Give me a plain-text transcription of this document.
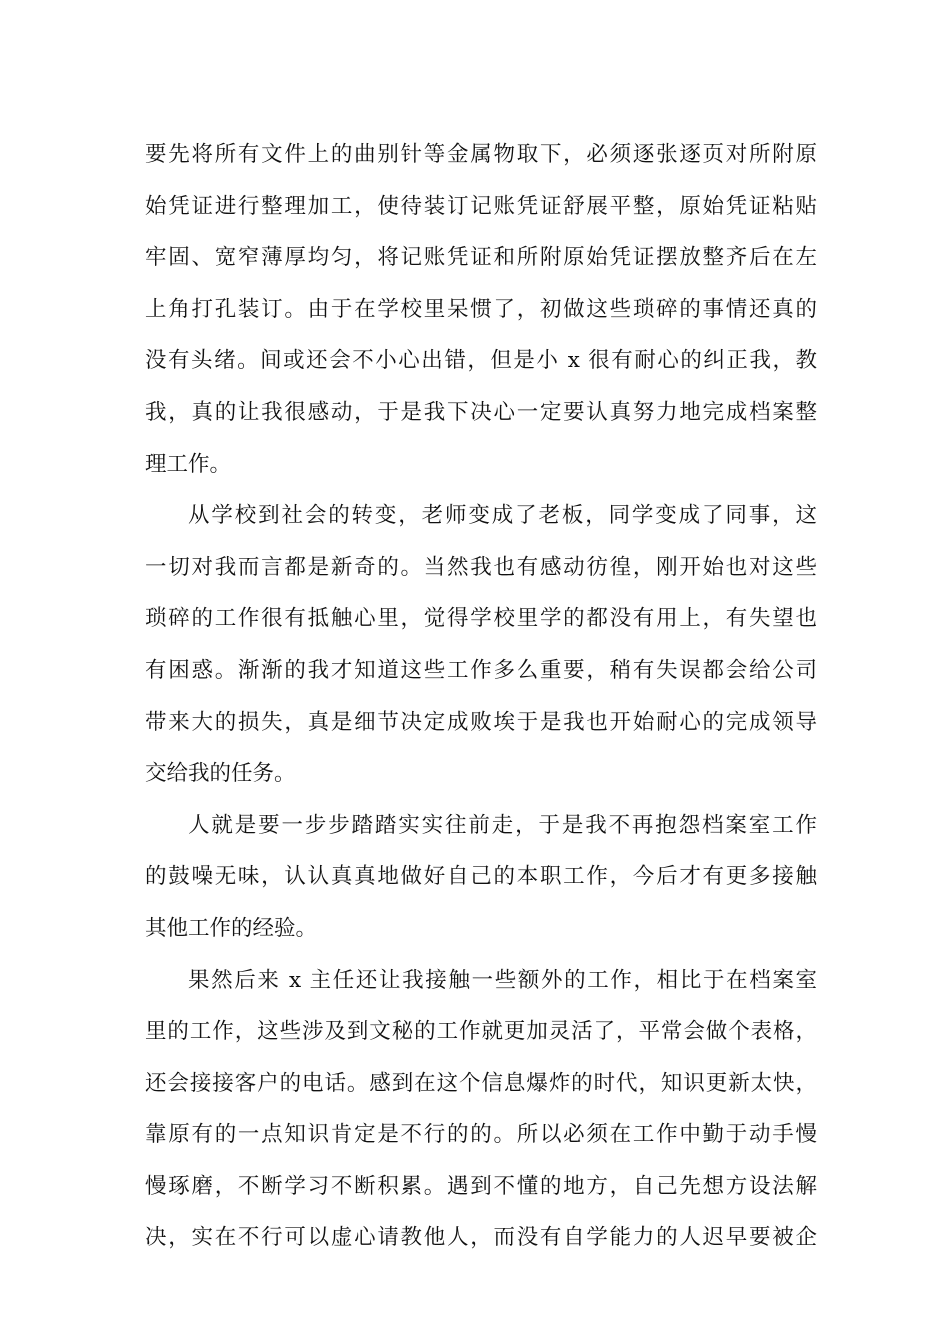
要先将所有文件上的曲别针等金属物取下，必须逐张逐页对所附原
始凭证进行整理加工，使待装订记账凭证舒展平整，原始凭证粘贴
牢固、宽窄薄厚均匀，将记账凭证和所附原始凭证摆放整齐后在左
上角打孔装订。由于在学校里呆惯了，初做这些琐碎的事情还真的
没有头绪。间或还会不小心出错，但是小 x 很有耐心的纠正我，教
我，真的让我很感动，于是我下决心一定要认真努力地完成档案整
理工作。
从学校到社会的转变，老师变成了老板，同学变成了同事，这
一切对我而言都是新奇的。当然我也有感动彷徨，刚开始也对这些
琐碎的工作很有抵触心里，觉得学校里学的都没有用上，有失望也
有困惑。渐渐的我才知道这些工作多么重要，稍有失误都会给公司
带来大的损失，真是细节决定成败埃于是我也开始耐心的完成领导
交给我的任务。
人就是要一步步踏踏实实往前走，于是我不再抱怨档案室工作
的鼓噪无味，认认真真地做好自己的本职工作，今后才有更多接触
其他工作的经验。
果然后来 x 主任还让我接触一些额外的工作，相比于在档案室
里的工作，这些涉及到文秘的工作就更加灵活了，平常会做个表格，
还会接接客户的电话。感到在这个信息爆炸的时代，知识更新太快，
靠原有的一点知识肯定是不行的的。所以必须在工作中勤于动手慢
慢琢磨，不断学习不断积累。遇到不懂的地方，自己先想方设法解
决，实在不行可以虚心请教他人，而没有自学能力的人迟早要被企
